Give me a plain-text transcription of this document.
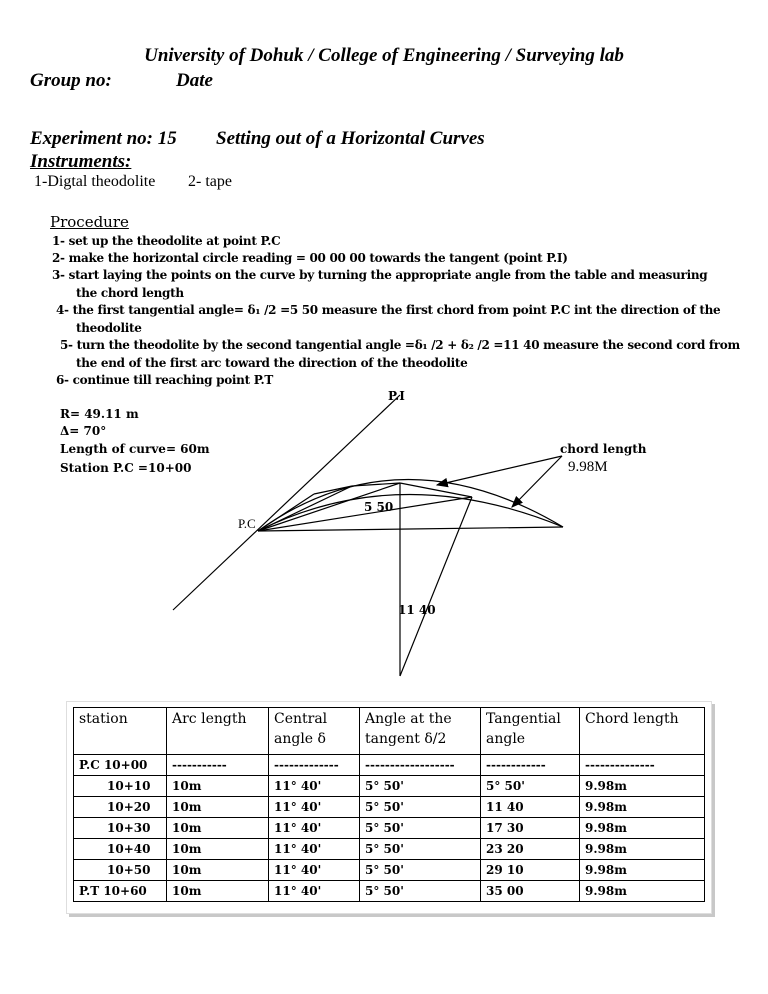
University of Dohuk / College of Engineering / Surveying lab
Group no:	Date
Experiment no: 15 Setting out of a Horizontal Curves
Instruments:
1-Digtal theodolite 2- tape
Procedure
1- set up the theodolite at point P.C
2- make the horizontal circle reading = 00 00 00 towards the tangent (point P.I)
3- start laying the points on the curve by turning the appropriate angle from the table and measuring
the chord length
4- the first tangential angle= δ₁ /2 =5 50 measure the first chord from point P.C int the direction of the
theodolite
5- turn the theodolite by the second tangential angle =δ₁ /2 + δ₂ /2 =11 40 measure the second cord from
the end of the first arc toward the direction of the theodolite
6- continue till reaching point P.T
P.I
R= 49.11 m
Δ= 70°
Length of curve= 60m
Station P.C =10+00
chord length
9.98M
5 50
P.C
11 40
station	Arc length	Central angle δ	Angle at the tangent δ/2	Tangential angle	Chord length
P.C 10+00	-----------	-------------	------------------	------------	--------------
10+10	10m	11° 40'	5° 50'	5° 50'	9.98m
10+20	10m	11° 40'	5° 50'	11 40	9.98m
10+30	10m	11° 40'	5° 50'	17 30	9.98m
10+40	10m	11° 40'	5° 50'	23 20	9.98m
10+50	10m	11° 40'	5° 50'	29 10	9.98m
P.T 10+60	10m	11° 40'	5° 50'	35 00	9.98m
